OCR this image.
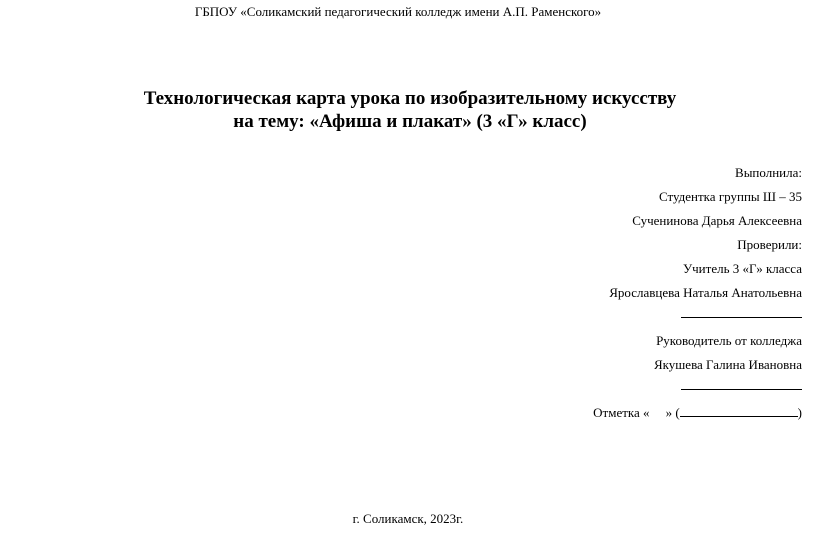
ГБПОУ «Соликамский педагогический колледж имени А.П. Раменского»
Технологическая карта урока по изобразительному искусству
на тему: «Афиша и плакат» (3 «Г» класс)
Выполнила:
Студентка группы Ш – 35
Сученинова Дарья Алексеевна
Проверили:
Учитель 3 «Г» класса
Ярославцева Наталья Анатольевна
Руководитель от колледжа
Якушева Галина Ивановна
Отметка « » (	)
г. Соликамск, 2023г.
